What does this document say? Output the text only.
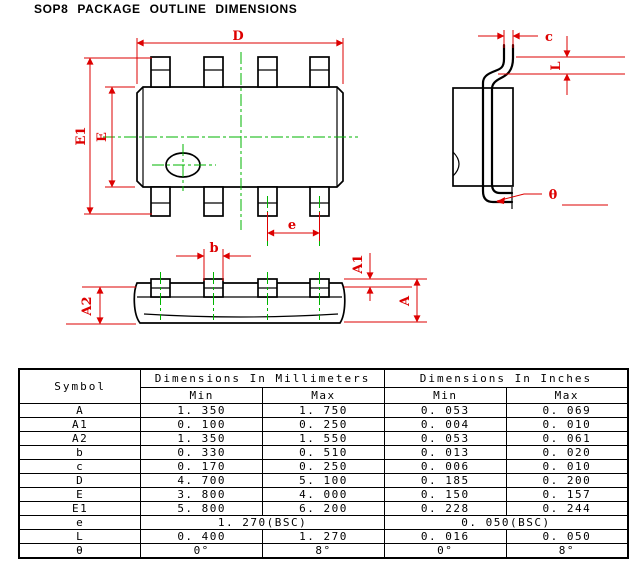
SOP8 PACKAGE OUTLINE DIMENSIONS
D
E1 E
e
c
L
θ
b
A1
A
A2
Symbol	Dimensions In Millimeters		Dimensions In Inches	
	Min	Max	Min	Max
A	1. 350	1. 750	0. 053	0. 069
A1	0. 100	0. 250	0. 004	0. 010
A2	1. 350	1. 550	0. 053	0. 061
b	0. 330	0. 510	0. 013	0. 020
c	0. 170	0. 250	0. 006	0. 010
D	4. 700	5. 100	0. 185	0. 200
E	3. 800	4. 000	0. 150	0. 157
E1	5. 800	6. 200	0. 228	0. 244
e	1. 270(BSC)		0. 050(BSC)	
L	0. 400	1. 270	0. 016	0. 050
θ	0°	8°	0°	8°
